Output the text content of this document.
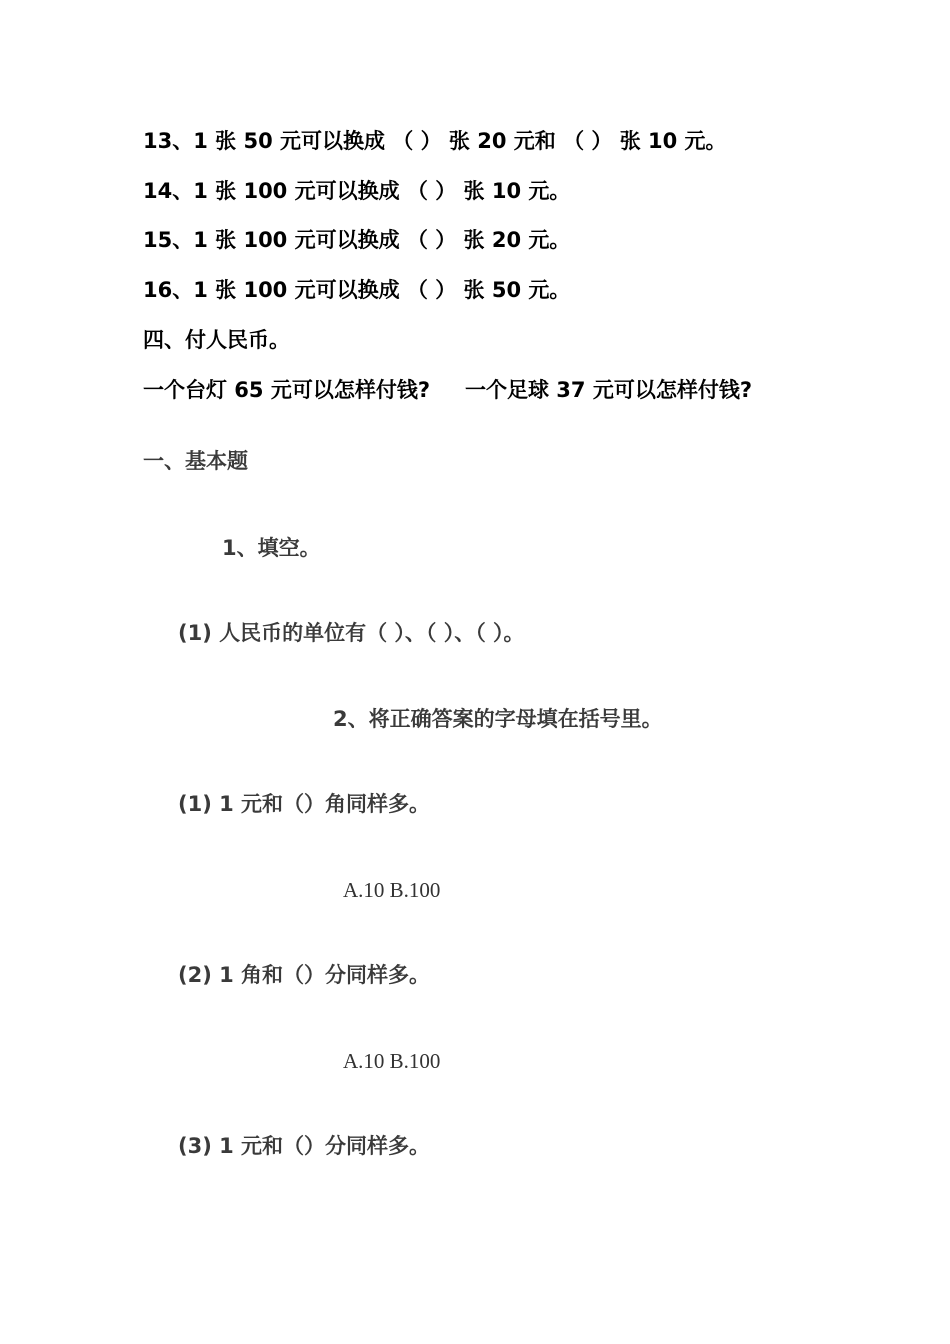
13、1 张 50 元可以换成 （ ） 张 20 元和 （ ） 张 10 元。
14、1 张 100 元可以换成 （ ） 张 10 元。
15、1 张 100 元可以换成 （ ） 张 20 元。
16、1 张 100 元可以换成 （ ） 张 50 元。
四、付人民币。
一个台灯 65 元可以怎样付钱? 一个足球 37 元可以怎样付钱?
一、基本题
1、填空。
(1) 人民币的单位有（ ）、（ ）、（ ）。
2、将正确答案的字母填在括号里。
(1) 1 元和（）角同样多。
A.10 B.100
(2) 1 角和（）分同样多。
A.10 B.100
(3) 1 元和（）分同样多。
